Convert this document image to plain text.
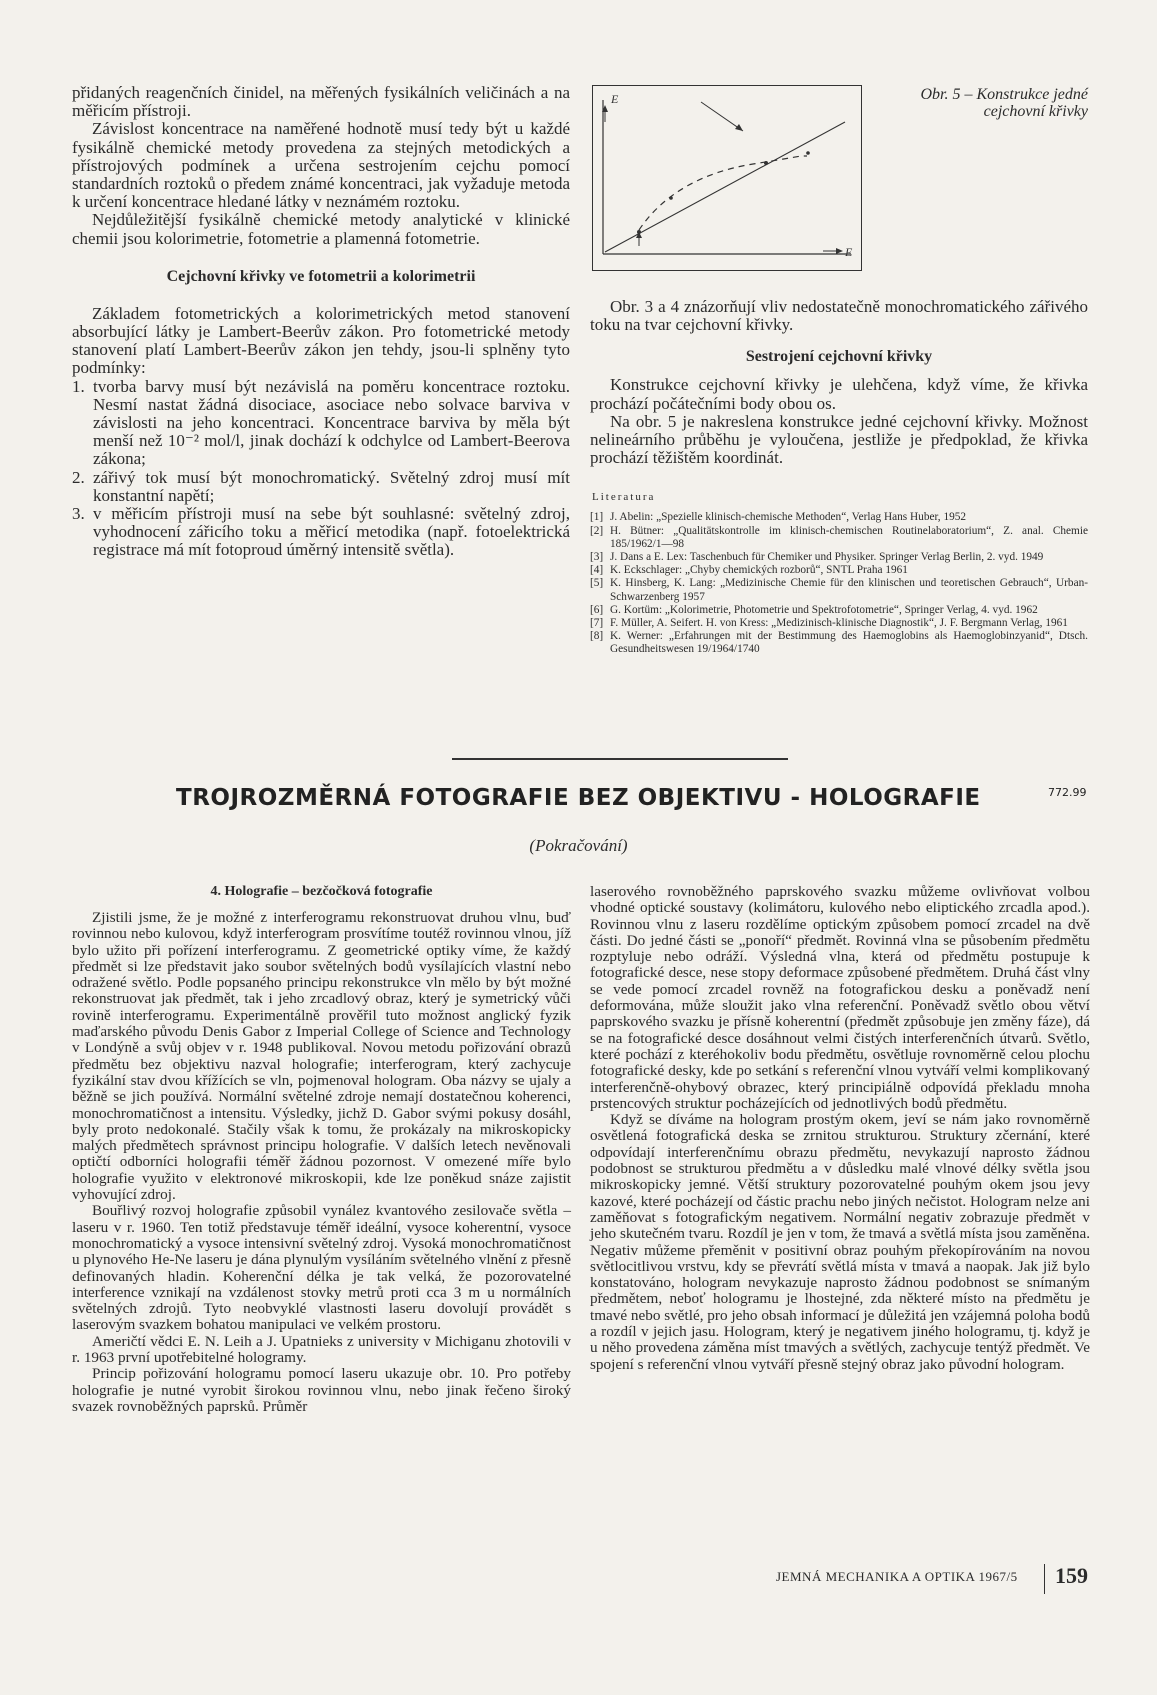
přidaných reagenčních činidel, na měřených fysikálních veličinách a na měřicím přístroji.

Závislost koncentrace na naměřené hodnotě musí tedy být u každé fysikálně chemické metody provedena za stejných metodických a přístrojových podmínek a určena sestrojením cejchu pomocí standardních roztoků o předem známé koncentraci, jak vyžaduje metoda k určení koncentrace hledané látky v neznámém roztoku.

Nejdůležitější fysikálně chemické metody analytické v klinické chemii jsou kolorimetrie, fotometrie a plamenná fotometrie.

Cejchovní křivky ve fotometrii a kolorimetrii

Základem fotometrických a kolorimetrických metod stanovení absorbující látky je Lambert-Beerův zákon. Pro fotometrické metody stanovení platí Lambert-Beerův zákon jen tehdy, jsou-li splněny tyto podmínky:

1. tvorba barvy musí být nezávislá na poměru koncentrace roztoku. Nesmí nastat žádná disociace, asociace nebo solvace barviva v závislosti na jeho koncentraci. Koncentrace barviva by měla být menší než 10⁻² mol/l, jinak dochází k odchylce od Lambert-Beerova zákona;
2. zářivý tok musí být monochromatický. Světelný zdroj musí mít konstantní napětí;
3. v měřicím přístroji musí na sebe být souhlasné: světelný zdroj, vyhodnocení zářicího toku a měřicí metodika (např. fotoelektrická registrace má mít fotoproud úměrný intensitě světla).
E
E
Obr. 5 – Konstrukce jedné cejchovní křivky

Obr. 3 a 4 znázorňují vliv nedostatečně monochromatického zářivého toku na tvar cejchovní křivky.

Sestrojení cejchovní křivky

Konstrukce cejchovní křivky je ulehčena, když víme, že křivka prochází počátečními body obou os.

Na obr. 5 je nakreslena konstrukce jedné cejchovní křivky. Možnost nelineárního průběhu je vyloučena, jestliže je předpoklad, že křivka prochází těžištěm koordinát.

Literatura
[1] J. Abelin: „Spezielle klinisch-chemische Methoden“, Verlag Hans Huber, 1952
[2] H. Bütner: „Qualitätskontrolle im klinisch-chemischen Routinelaboratorium“, Z. anal. Chemie 185/1962/1—98
[3] J. Dans a E. Lex: Taschenbuch für Chemiker und Physiker. Springer Verlag Berlin, 2. vyd. 1949
[4] K. Eckschlager: „Chyby chemických rozborů“, SNTL Praha 1961
[5] K. Hinsberg, K. Lang: „Medizinische Chemie für den klinischen und teoretischen Gebrauch“, Urban-Schwarzenberg 1957
[6] G. Kortüm: „Kolorimetrie, Photometrie und Spektrofotometrie“, Springer Verlag, 4. vyd. 1962
[7] F. Müller, A. Seifert. H. von Kress: „Medizinisch-klinische Diagnostik“, J. F. Bergmann Verlag, 1961
[8] K. Werner: „Erfahrungen mit der Bestimmung des Haemoglobins als Haemoglobinzyanid“, Dtsch. Gesundheitswesen 19/1964/1740
TROJROZMĚRNÁ FOTOGRAFIE BEZ OBJEKTIVU - HOLOGRAFIE	772.99
(Pokračování)
4. Holografie – bezčočková fotografie

Zjistili jsme, že je možné z interferogramu rekonstruovat druhou vlnu, buď rovinnou nebo kulovou, když interferogram prosvítíme toutéž rovinnou vlnou, jíž bylo užito při pořízení interferogramu. Z geometrické optiky víme, že každý předmět si lze představit jako soubor světelných bodů vysílajících vlastní nebo odražené světlo. Podle popsaného principu rekonstrukce vln mělo by být možné rekonstruovat jak předmět, tak i jeho zrcadlový obraz, který je symetrický vůči rovině interferogramu. Experimentálně prověřil tuto možnost anglický fyzik maďarského původu Denis Gabor z Imperial College of Science and Technology v Londýně a svůj objev v r. 1948 publikoval. Novou metodu pořizování obrazů předmětu bez objektivu nazval holografie; interferogram, který zachycuje fyzikální stav dvou křížících se vln, pojmenoval hologram. Oba názvy se ujaly a běžně se jich používá. Normální světelné zdroje nemají dostatečnou koherenci, monochromatičnost a intensitu. Výsledky, jichž D. Gabor svými pokusy dosáhl, byly proto nedokonalé. Stačily však k tomu, že prokázaly na mikroskopicky malých předmětech správnost principu holografie. V dalších letech nevěnovali optičtí odborníci holografii téměř žádnou pozornost. V omezené míře bylo holografie využito v elektronové mikroskopii, kde lze poněkud snáze zajistit vyhovující zdroj.

Bouřlivý rozvoj holografie způsobil vynález kvantového zesilovače světla – laseru v r. 1960. Ten totiž představuje téměř ideální, vysoce koherentní, vysoce monochromatický a vysoce intensivní světelný zdroj. Vysoká monochromatičnost u plynového He-Ne laseru je dána plynulým vysíláním světelného vlnění z přesně definovaných hladin. Koherenční délka je tak velká, že pozorovatelné interference vznikají na vzdálenost stovky metrů proti cca 3 m u normálních světelných zdrojů. Tyto neobvyklé vlastnosti laseru dovolují provádět s laserovým svazkem bohatou manipulaci ve velkém prostoru.

Američtí vědci E. N. Leih a J. Upatnieks z university v Michiganu zhotovili v r. 1963 první upotřebitelné hologramy.

Princip pořizování hologramu pomocí laseru ukazuje obr. 10. Pro potřeby holografie je nutné vyrobit širokou rovinnou vlnu, nebo jinak řečeno široký svazek rovnoběžných paprsků. Průměr

laserového rovnoběžného paprskového svazku můžeme ovlivňovat volbou vhodné optické soustavy (kolimátoru, kulového nebo eliptického zrcadla apod.). Rovinnou vlnu z laseru rozdělíme optickým způsobem pomocí zrcadel na dvě části. Do jedné části se „ponoří“ předmět. Rovinná vlna se působením předmětu rozptyluje nebo odráží. Výsledná vlna, která od předmětu postupuje k fotografické desce, nese stopy deformace způsobené předmětem. Druhá část vlny se vede pomocí zrcadel rovněž na fotografickou desku a poněvadž není deformována, může sloužit jako vlna referenční. Poněvadž světlo obou větví paprskového svazku je přísně koherentní (předmět způsobuje jen změny fáze), dá se na fotografické desce dosáhnout velmi čistých interferenčních útvarů. Světlo, které pochází z kteréhokoliv bodu předmětu, osvětluje rovnoměrně celou plochu fotografické desky, kde po setkání s referenční vlnou vytváří velmi komplikovaný interferenčně-ohybový obrazec, který principiálně odpovídá překladu mnoha prstencových struktur pocházejících od jednotlivých bodů předmětu.

Když se díváme na hologram prostým okem, jeví se nám jako rovnoměrně osvětlená fotografická deska se zrnitou strukturou. Struktury zčernání, které odpovídají interferenčnímu obrazu předmětu, nevykazují naprosto žádnou podobnost se strukturou předmětu a v důsledku malé vlnové délky světla jsou mikroskopicky jemné. Větší struktury pozorovatelné pouhým okem jsou jevy kazové, které pocházejí od částic prachu nebo jiných nečistot. Hologram nelze ani zaměňovat s fotografickým negativem. Normální negativ zobrazuje předmět v jeho skutečném tvaru. Rozdíl je jen v tom, že tmavá a světlá místa jsou zaměněna. Negativ můžeme přeměnit v positivní obraz pouhým překopírováním na novou světlocitlivou vrstvu, kdy se převrátí světlá místa v tmavá a naopak. Jak již bylo konstatováno, hologram nevykazuje naprosto žádnou podobnost se snímaným předmětem, neboť hologramu je lhostejné, zda některé místo na předmětu je tmavé nebo světlé, pro jeho obsah informací je důležitá jen vzájemná poloha bodů a rozdíl v jejich jasu. Hologram, který je negativem jiného hologramu, tj. když je u něho provedena záměna míst tmavých a světlých, zachycuje tentýž předmět. Ve spojení s referenční vlnou vytváří přesně stejný obraz jako původní hologram.

JEMNÁ MECHANIKA A OPTIKA 1967/5 159
